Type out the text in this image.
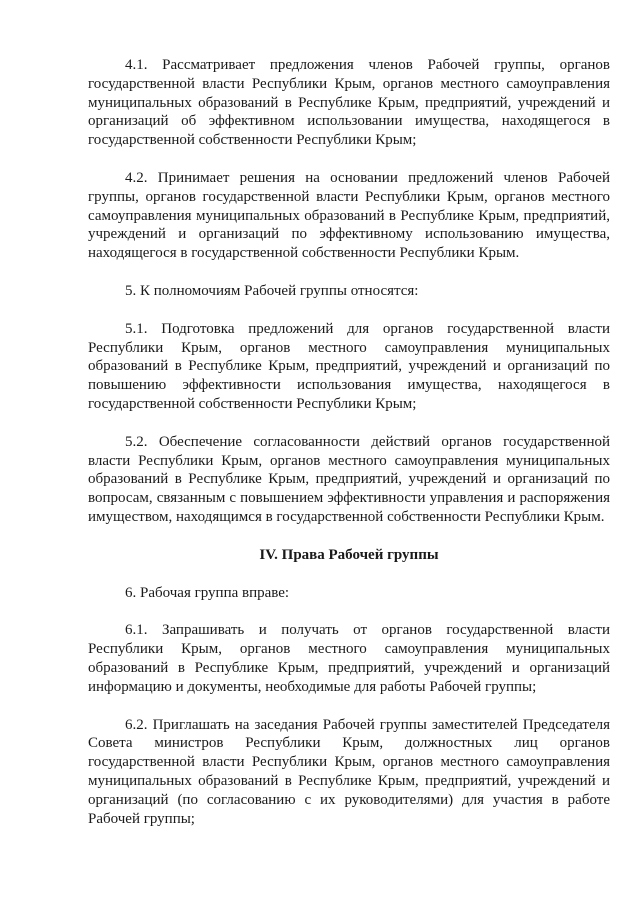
4.1. Рассматривает предложения членов Рабочей группы, органов государственной власти Республики Крым, органов местного самоуправления муниципальных образований в Республике Крым, предприятий, учреждений и организаций об эффективном использовании имущества, находящегося в государственной собственности Республики Крым;

4.2. Принимает решения на основании предложений членов Рабочей группы, органов государственной власти Республики Крым, органов местного самоуправления муниципальных образований в Республике Крым, предприятий, учреждений и организаций по эффективному использованию имущества, находящегося в государственной собственности Республики Крым.

5. К полномочиям Рабочей группы относятся:

5.1. Подготовка предложений для органов государственной власти Республики Крым, органов местного самоуправления муниципальных образований в Республике Крым, предприятий, учреждений и организаций по повышению эффективности использования имущества, находящегося в государственной собственности Республики Крым;

5.2. Обеспечение согласованности действий органов государственной власти Республики Крым, органов местного самоуправления муниципальных образований в Республике Крым, предприятий, учреждений и организаций по вопросам, связанным с повышением эффективности управления и распоряжения имуществом, находящимся в государственной собственности Республики Крым.

IV. Права Рабочей группы

6. Рабочая группа вправе:

6.1. Запрашивать и получать от органов государственной власти Республики Крым, органов местного самоуправления муниципальных образований в Республике Крым, предприятий, учреждений и организаций информацию и документы, необходимые для работы Рабочей группы;

6.2. Приглашать на заседания Рабочей группы заместителей Председателя Совета министров Республики Крым, должностных лиц органов государственной власти Республики Крым, органов местного самоуправления муниципальных образований в Республике Крым, предприятий, учреждений и организаций (по согласованию с их руководителями) для участия в работе Рабочей группы;
